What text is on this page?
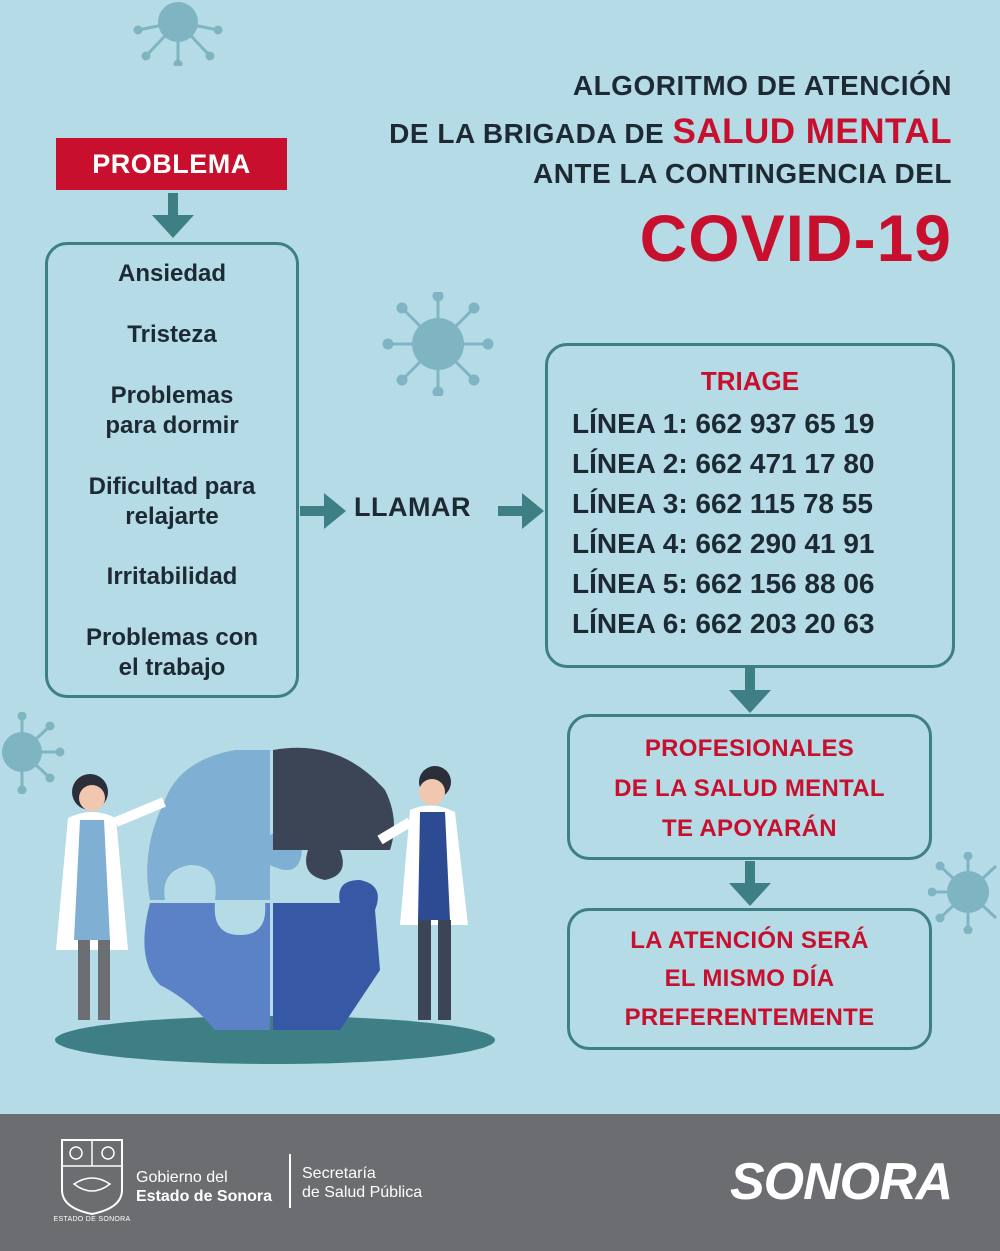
ALGORITMO DE ATENCIÓN
DE LA BRIGADA DE SALUD MENTAL
ANTE LA CONTINGENCIA DEL
COVID-19
PROBLEMA
Ansiedad
Tristeza
Problemas
para dormir
Dificultad para
relajarte
Irritabilidad
Problemas con
el trabajo
LLAMAR
TRIAGE
LÍNEA 1: 662 937 65 19
LÍNEA 2: 662 471 17 80
LÍNEA 3: 662 115 78 55
LÍNEA 4: 662 290 41 91
LÍNEA 5: 662 156 88 06
LÍNEA 6: 662 203 20 63
PROFESIONALES
DE LA SALUD MENTAL
TE APOYARÁN
LA ATENCIÓN SERÁ
EL MISMO DÍA
PREFERENTEMENTE
ESTADO DE SONORA
Gobierno del
Estado de Sonora
Secretaría
de Salud Pública	SONORA
